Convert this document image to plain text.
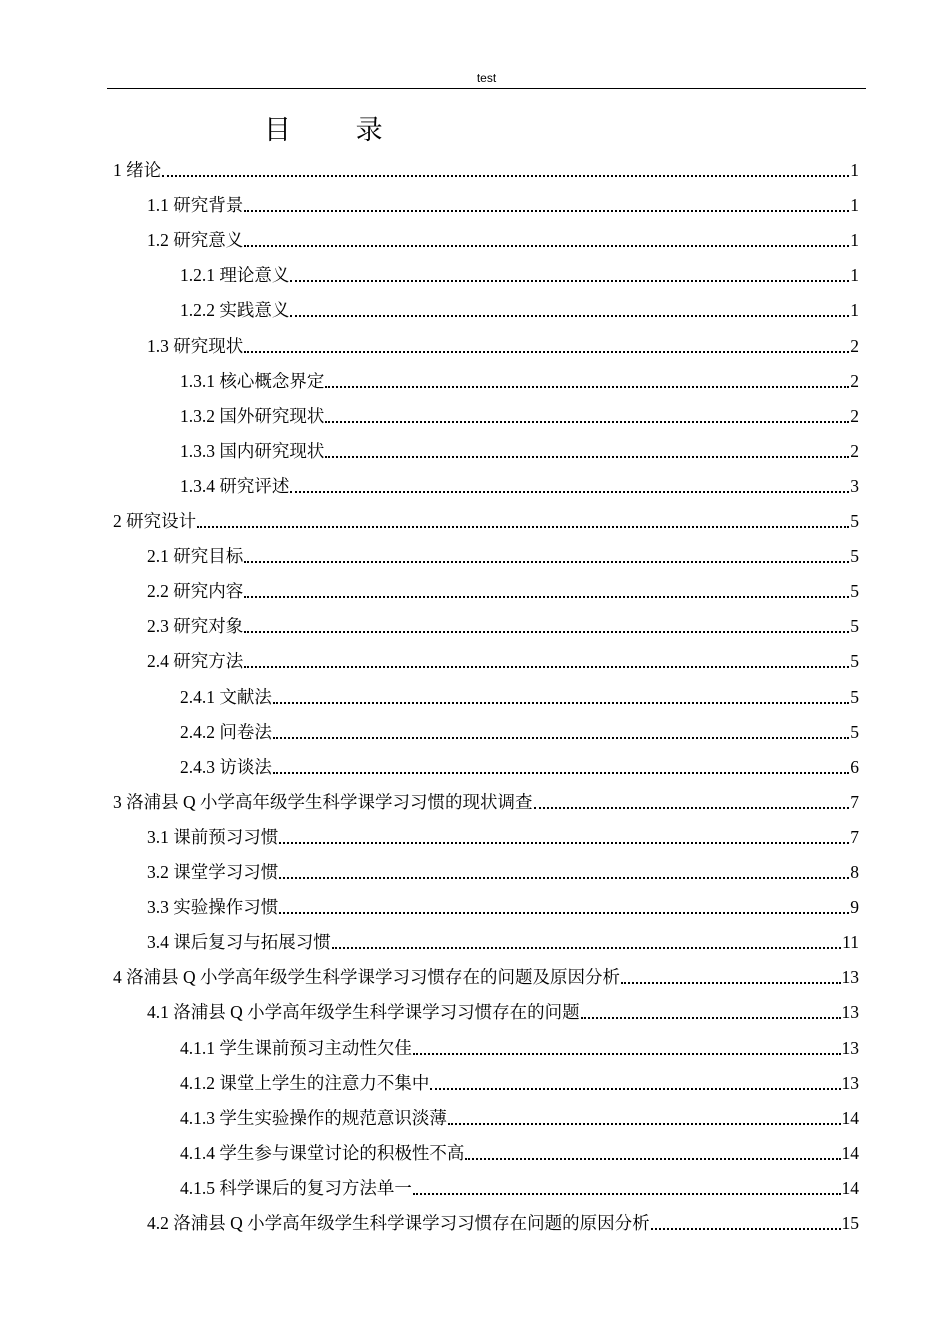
test
目 录
1 绪论	1
1.1 研究背景	1
1.2 研究意义	1
1.2.1 理论意义	1
1.2.2 实践意义	1
1.3 研究现状	2
1.3.1 核心概念界定	2
1.3.2 国外研究现状	2
1.3.3 国内研究现状	2
1.3.4 研究评述	3
2 研究设计	5
2.1 研究目标	5
2.2 研究内容	5
2.3 研究对象	5
2.4 研究方法	5
2.4.1 文献法	5
2.4.2 问卷法	5
2.4.3 访谈法	6
3 洛浦县 Q 小学高年级学生科学课学习习惯的现状调查	7
3.1 课前预习习惯	7
3.2 课堂学习习惯	8
3.3 实验操作习惯	9
3.4 课后复习与拓展习惯	11
4 洛浦县 Q 小学高年级学生科学课学习习惯存在的问题及原因分析	13
4.1 洛浦县 Q 小学高年级学生科学课学习习惯存在的问题	13
4.1.1 学生课前预习主动性欠佳	13
4.1.2 课堂上学生的注意力不集中	13
4.1.3 学生实验操作的规范意识淡薄	14
4.1.4 学生参与课堂讨论的积极性不高	14
4.1.5 科学课后的复习方法单一	14
4.2 洛浦县 Q 小学高年级学生科学课学习习惯存在问题的原因分析	15
